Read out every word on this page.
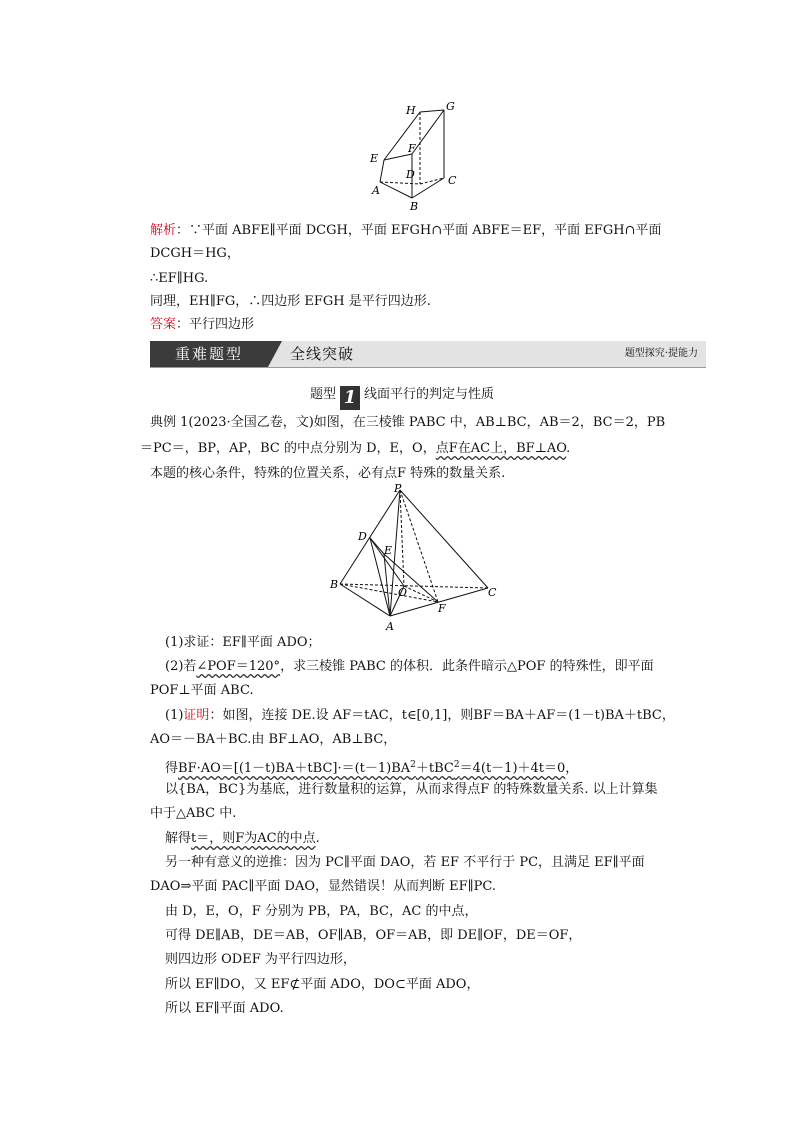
H	G
E
F
D	C
A
B
解析：∵平面 ABFE∥平面 DCGH，平面 EFGH∩平面 ABFE＝EF，平面 EFGH∩平面
DCGH＝HG，
∴EF∥HG.
同理，EH∥FG，∴四边形 EFGH 是平行四边形.
答案：平行四边形
重难题型	全线突破	题型探究·提能力
题型 1 线面平行的判定与性质
典例 1(2023·全国乙卷，文)如图，在三棱锥 PABC 中，AB⊥BC，AB＝2，BC＝2，PB
＝PC＝，BP，AP，BC 的中点分别为 D，E，O，点F在AC上，BF⊥AO.
本题的核心条件，特殊的位置关系，必有点F 特殊的数量关系.
P
D
E
B
O
F
C
A
(1)求证：EF∥平面 ADO；
(2)若∠POF＝120°，求三棱锥 PABC 的体积．此条件暗示△POF 的特殊性，即平面
POF⊥平面 ABC.
(1)证明：如图，连接 DE.设 AF＝tAC，t∈[0,1]，则BF＝BA＋AF＝(1－t)BA＋tBC，
AO＝－BA＋BC.由 BF⊥AO，AB⊥BC，
得$BF\cdot AO=[(1-t)BA+tBC]\cdot=(t-1)BA^2+tBC^2=4(t-1)+4t=0$，
以{BA，BC}为基底，进行数量积的运算，从而求得点F 的特殊数量关系. 以上计算集
中于△ABC 中.
解得t＝，则F为AC的中点.
另一种有意义的逆推：因为 PC∥平面 DAO，若 EF 不平行于 PC，且满足 EF∥平面
DAO⇒平面 PAC∥平面 DAO，显然错误！从而判断 EF∥PC.
由 D，E，O，F 分别为 PB，PA，BC，AC 的中点，
可得 DE∥AB，DE＝AB，OF∥AB，OF＝AB，即 DE∥OF，DE＝OF，
则四边形 ODEF 为平行四边形，
所以 EF∥DO，又 EF⊄平面 ADO，DO⊂平面 ADO，
所以 EF∥平面 ADO.
